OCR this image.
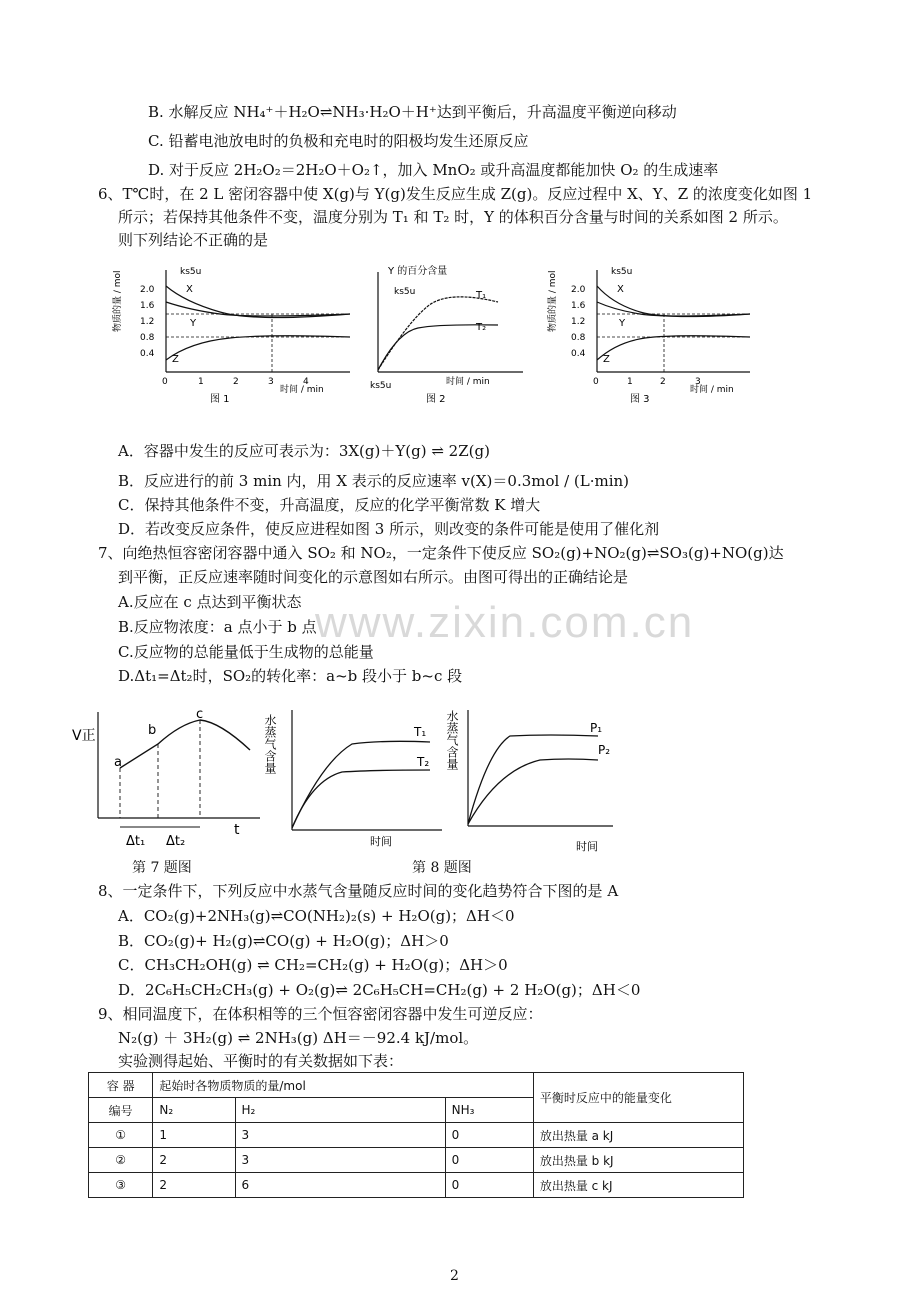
www.zixin.com.cn
B. 水解反应 NH₄⁺＋H₂O⇌NH₃·H₂O＋H⁺达到平衡后，升高温度平衡逆向移动
C. 铅蓄电池放电时的负极和充电时的阳极均发生还原反应
D. 对于反应 2H₂O₂＝2H₂O＋O₂↑，加入 MnO₂ 或升高温度都能加快 O₂ 的生成速率
6、T℃时，在 2 L 密闭容器中使 X(g)与 Y(g)发生反应生成 Z(g)。反应过程中 X、Y、Z 的浓度变化如图 1
所示；若保持其他条件不变，温度分别为 T₁ 和 T₂ 时，Y 的体积百分含量与时间的关系如图 2 所示。
则下列结论不正确的是
物质的量 / mol	ks5u
2.0
1.6
1.2
0.8
0.4
X
Y
Z
0	1	2	3	4
时间 / min
图 1
Y 的百分含量
ks5u	T₁
T₂
时间 / min
ks5u
图 2
物质的量 / mol	ks5u
2.0
1.6
1.2
0.8
0.4
X
Y
Z
0	1	2	3
时间 / min
图 3
A．容器中发生的反应可表示为：3X(g)＋Y(g) ⇌ 2Z(g)
B．反应进行的前 3 min 内，用 X 表示的反应速率 v(X)＝0.3mol / (L·min)
C．保持其他条件不变，升高温度，反应的化学平衡常数 K 增大
D．若改变反应条件，使反应进程如图 3 所示，则改变的条件可能是使用了催化剂
7、向绝热恒容密闭容器中通入 SO₂ 和 NO₂，一定条件下使反应 SO₂(g)+NO₂(g)⇌SO₃(g)+NO(g)达
到平衡，正反应速率随时间变化的示意图如右所示。由图可得出的正确结论是
A.反应在 c 点达到平衡状态
B.反应物浓度：a 点小于 b 点
C.反应物的总能量低于生成物的总能量
D.Δt₁=Δt₂时，SO₂的转化率：a~b 段小于 b~c 段
V正
a
b
c
Δt₁ Δt₂
t
水蒸气含量	T₁
T₂
时间
水蒸气含量	P₁
P₂
时间
第 7 题图	第 8 题图
8、一定条件下，下列反应中水蒸气含量随反应时间的变化趋势符合下图的是 A
A．CO₂(g)+2NH₃(g)⇌CO(NH₂)₂(s) + H₂O(g)；ΔH＜0
B．CO₂(g)+ H₂(g)⇌CO(g) + H₂O(g)；ΔH＞0
C．CH₃CH₂OH(g) ⇌ CH₂=CH₂(g) + H₂O(g)；ΔH＞0
D．2C₆H₅CH₂CH₃(g) + O₂(g)⇌ 2C₆H₅CH=CH₂(g) + 2 H₂O(g)；ΔH＜0
9、相同温度下，在体积相等的三个恒容密闭容器中发生可逆反应：
N₂(g) ＋ 3H₂(g) ⇌ 2NH₃(g) ΔH＝－92.4 kJ/mol。
实验测得起始、平衡时的有关数据如下表：
容 器	起始时各物质物质的量/mol			平衡时反应中的能量变化
编号	N₂	H₂	NH₃	
①	1	3	0	放出热量 a kJ
②	2	3	0	放出热量 b kJ
③	2	6	0	放出热量 c kJ
2
